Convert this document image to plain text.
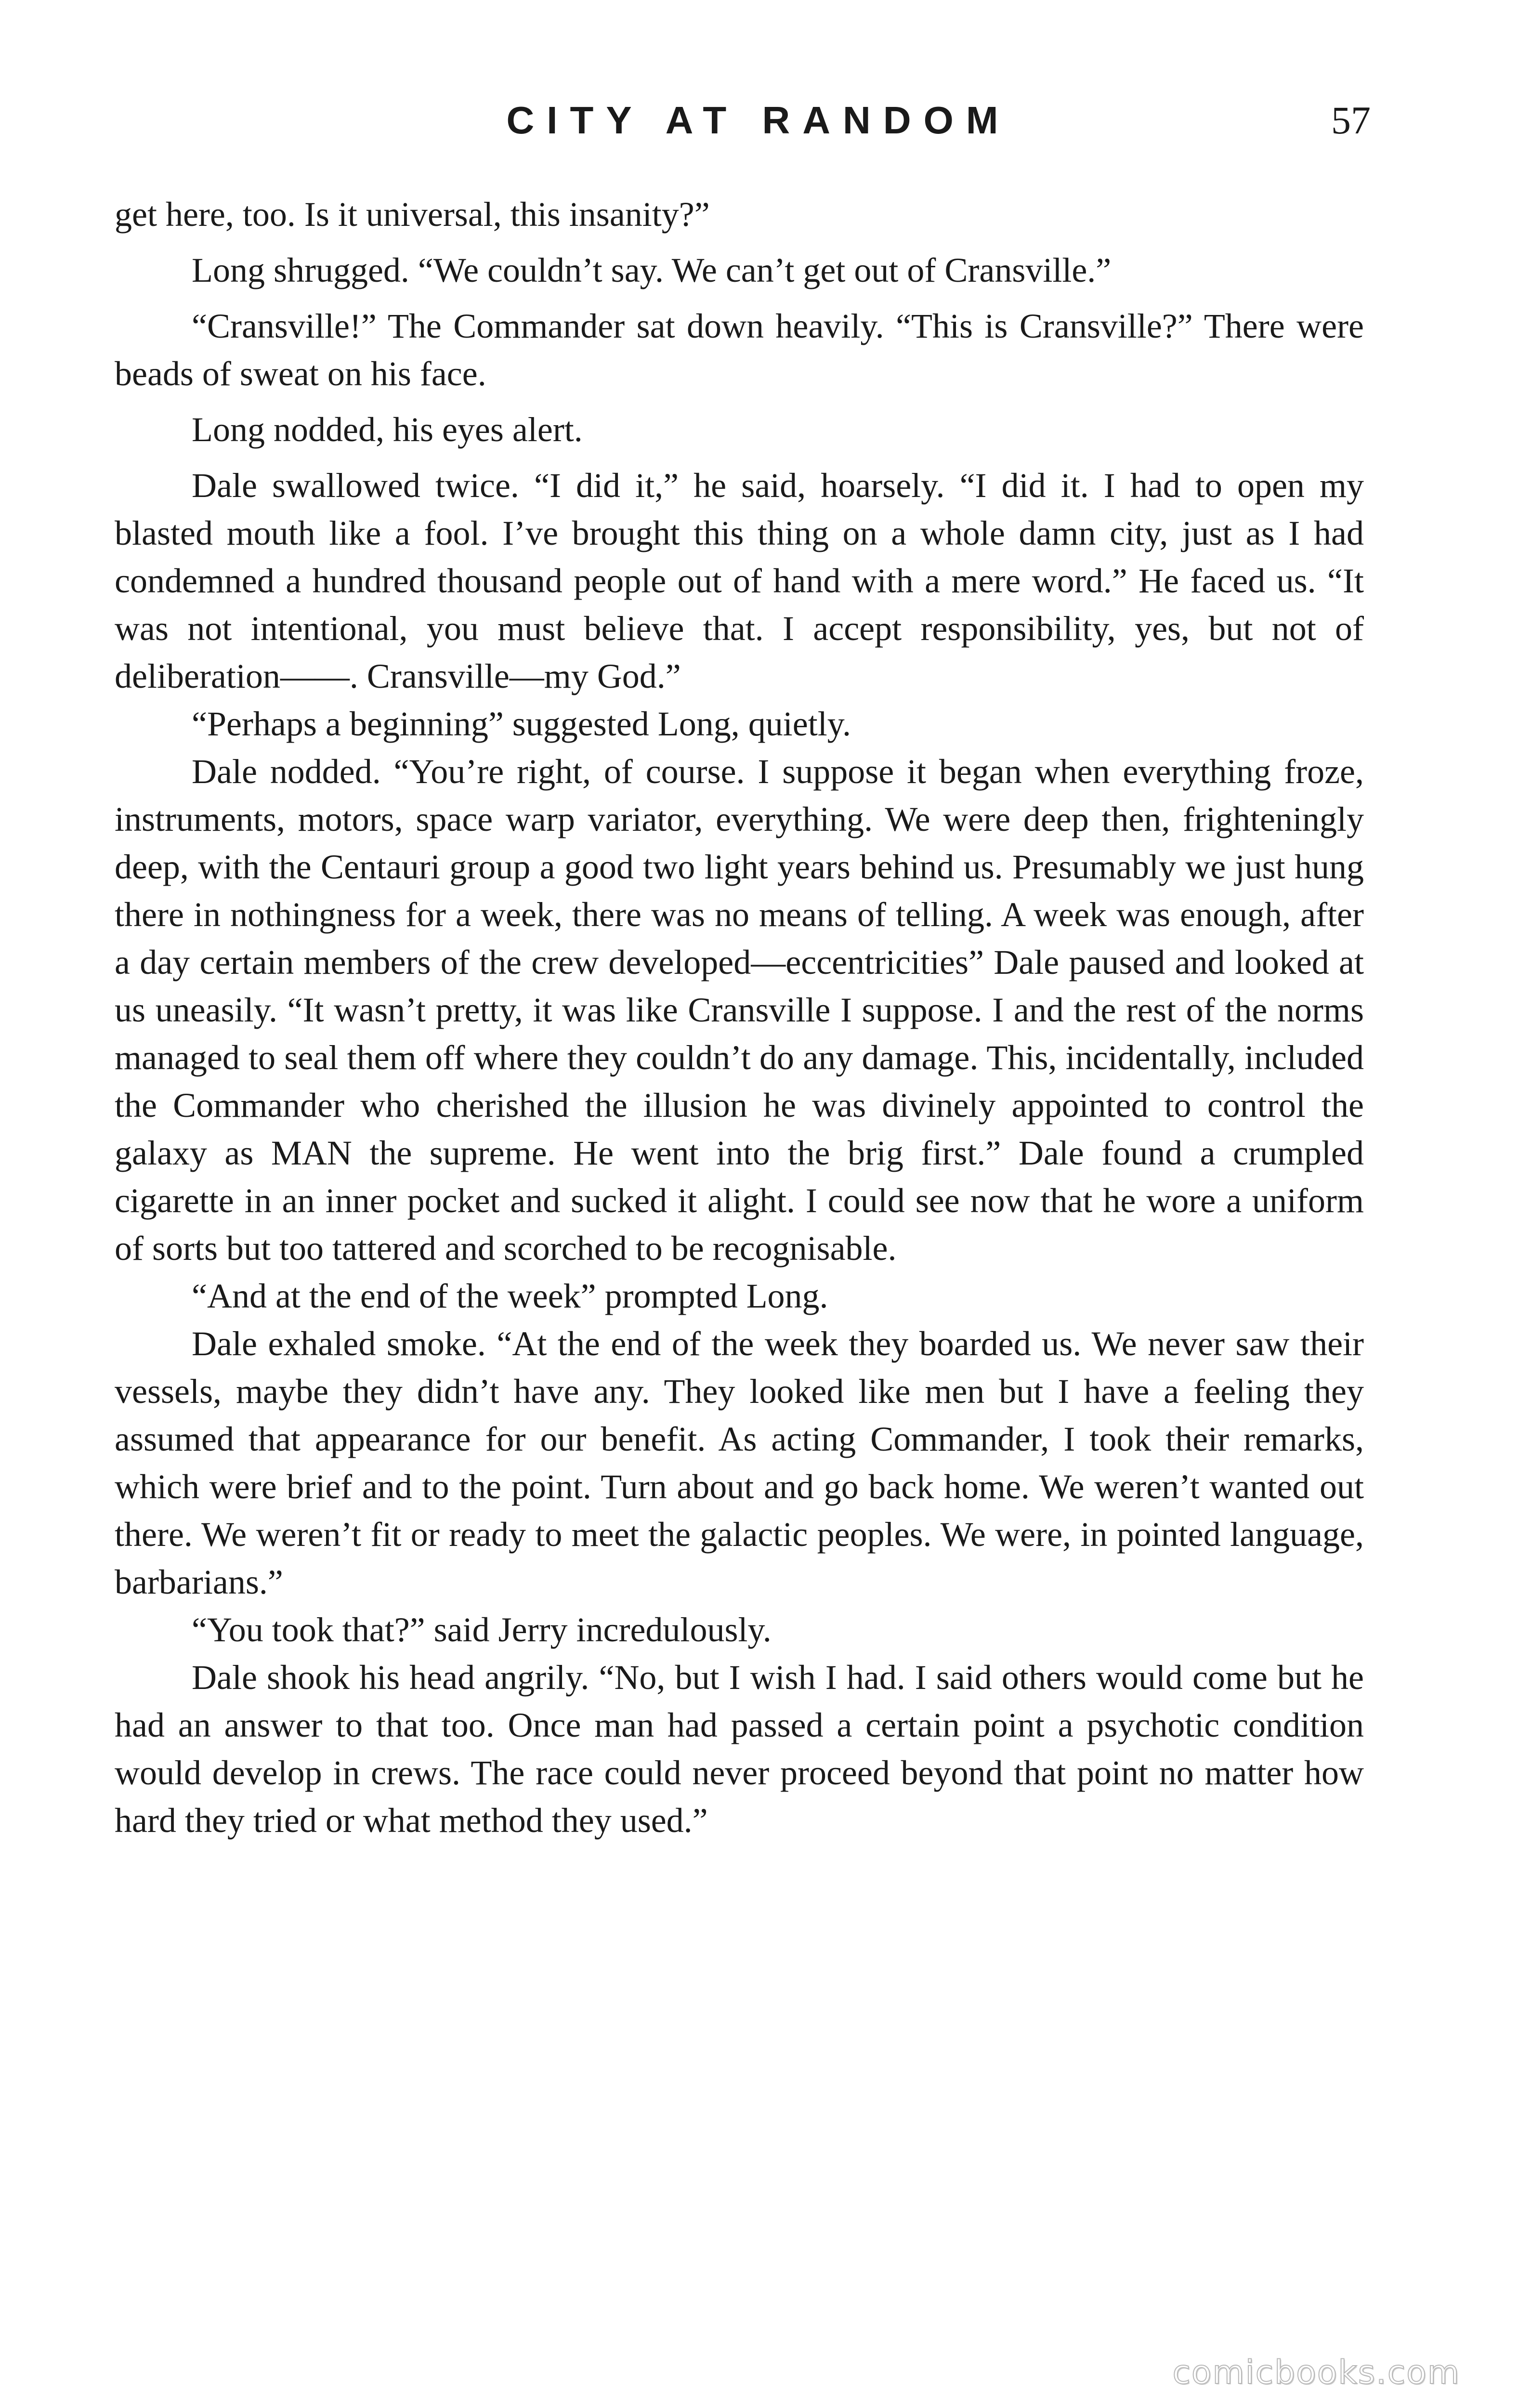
CITY AT RANDOM	57

get here, too. Is it universal, this insanity?”

Long shrugged. “We couldn’t say. We can’t get out of Cransville.”

“Cransville!” The Commander sat down heavily. “This is Cransville?” There were beads of sweat on his face.

Long nodded, his eyes alert.

Dale swallowed twice. “I did it,” he said, hoarsely. “I did it. I had to open my blasted mouth like a fool. I’ve brought this thing on a whole damn city, just as I had condemned a hundred thousand people out of hand with a mere word.” He faced us. “It was not intentional, you must believe that. I accept responsibility, yes, but not of deliberation——. Cransville—my God.”

“Perhaps a beginning” suggested Long, quietly.

Dale nodded. “You’re right, of course. I suppose it began when everything froze, instruments, motors, space warp variator, everything. We were deep then, frighteningly deep, with the Centauri group a good two light years behind us. Presumably we just hung there in nothingness for a week, there was no means of telling. A week was enough, after a day certain members of the crew developed—eccentricities” Dale paused and looked at us uneasily. “It wasn’t pretty, it was like Cransville I suppose. I and the rest of the norms managed to seal them off where they couldn’t do any damage. This, incidentally, included the Commander who cherished the illusion he was divinely appointed to control the galaxy as MAN the supreme. He went into the brig first.” Dale found a crumpled cigarette in an inner pocket and sucked it alight. I could see now that he wore a uniform of sorts but too tattered and scorched to be recognisable.

“And at the end of the week” prompted Long.

Dale exhaled smoke. “At the end of the week they boarded us. We never saw their vessels, maybe they didn’t have any. They looked like men but I have a feeling they assumed that appearance for our benefit. As acting Commander, I took their remarks, which were brief and to the point. Turn about and go back home. We weren’t wanted out there. We weren’t fit or ready to meet the galactic peoples. We were, in pointed language, barbarians.”

“You took that?” said Jerry incredulously.

Dale shook his head angrily. “No, but I wish I had. I said others would come but he had an answer to that too. Once man had passed a certain point a psychotic condition would develop in crews. The race could never proceed beyond that point no matter how hard they tried or what method they used.”

comicbooks.com
